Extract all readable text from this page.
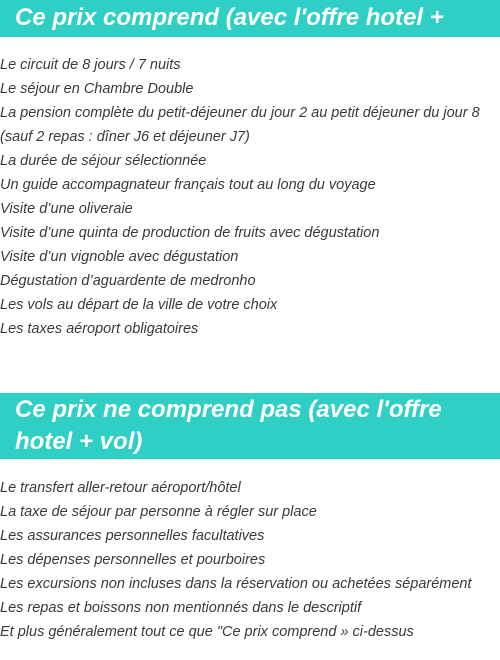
Ce prix comprend (avec l'offre hotel + vol)
Le circuit de 8 jours / 7 nuits
Le séjour en Chambre Double
La pension complète du petit-déjeuner du jour 2 au petit déjeuner du jour 8 (sauf 2 repas : dîner J6 et déjeuner J7)
La durée de séjour sélectionnée
Un guide accompagnateur français tout au long du voyage
Visite d’une oliveraie
Visite d’une quinta de production de fruits avec dégustation
Visite d’un vignoble avec dégustation
Dégustation d’aguardente de medronho
Les vols au départ de la ville de votre choix
Les taxes aéroport obligatoires
Ce prix ne comprend pas (avec l'offre hotel + vol)
Le transfert aller-retour aéroport/hôtel
La taxe de séjour par personne à régler sur place
Les assurances personnelles facultatives
Les dépenses personnelles et pourboires
Les excursions non incluses dans la réservation ou achetées séparément
Les repas et boissons non mentionnés dans le descriptif
Et plus généralement tout ce que "Ce prix comprend » ci-dessus
